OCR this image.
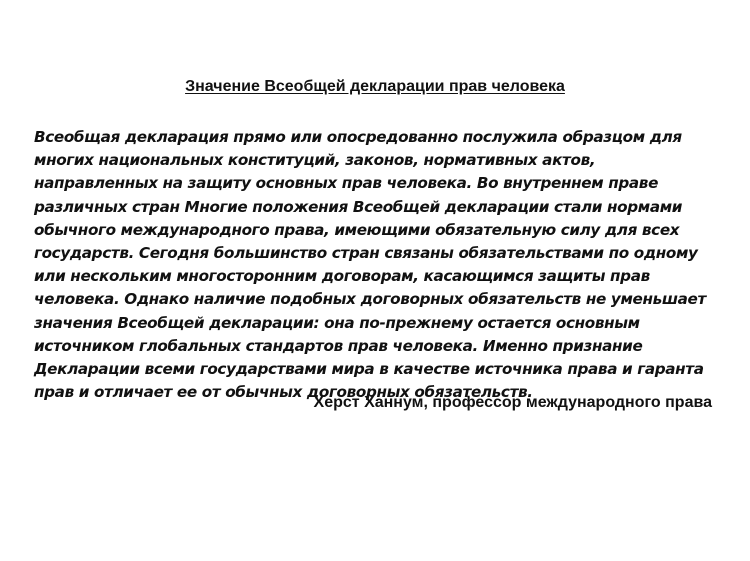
Значение Всеобщей декларации прав человека
Всеобщая декларация прямо или опосредованно послужила образцом для
многих национальных конституций, законов, нормативных актов,
направленных на защиту основных прав человека. Во внутреннем праве
различных стран Многие положения Всеобщей декларации стали нормами
обычного международного права, имеющими обязательную силу для всех
государств. Сегодня большинство стран связаны обязательствами по одному
или нескольким многосторонним договорам, касающимся защиты прав
человека. Однако наличие подобных договорных обязательств не уменьшает
значения Всеобщей декларации: она по-прежнему остается основным
источником глобальных стандартов прав человека. Именно признание
Декларации всеми государствами мира в качестве источника права и гаранта
прав и отличает ее от обычных договорных обязательств.
Херст Ханнум, профессор международного права
